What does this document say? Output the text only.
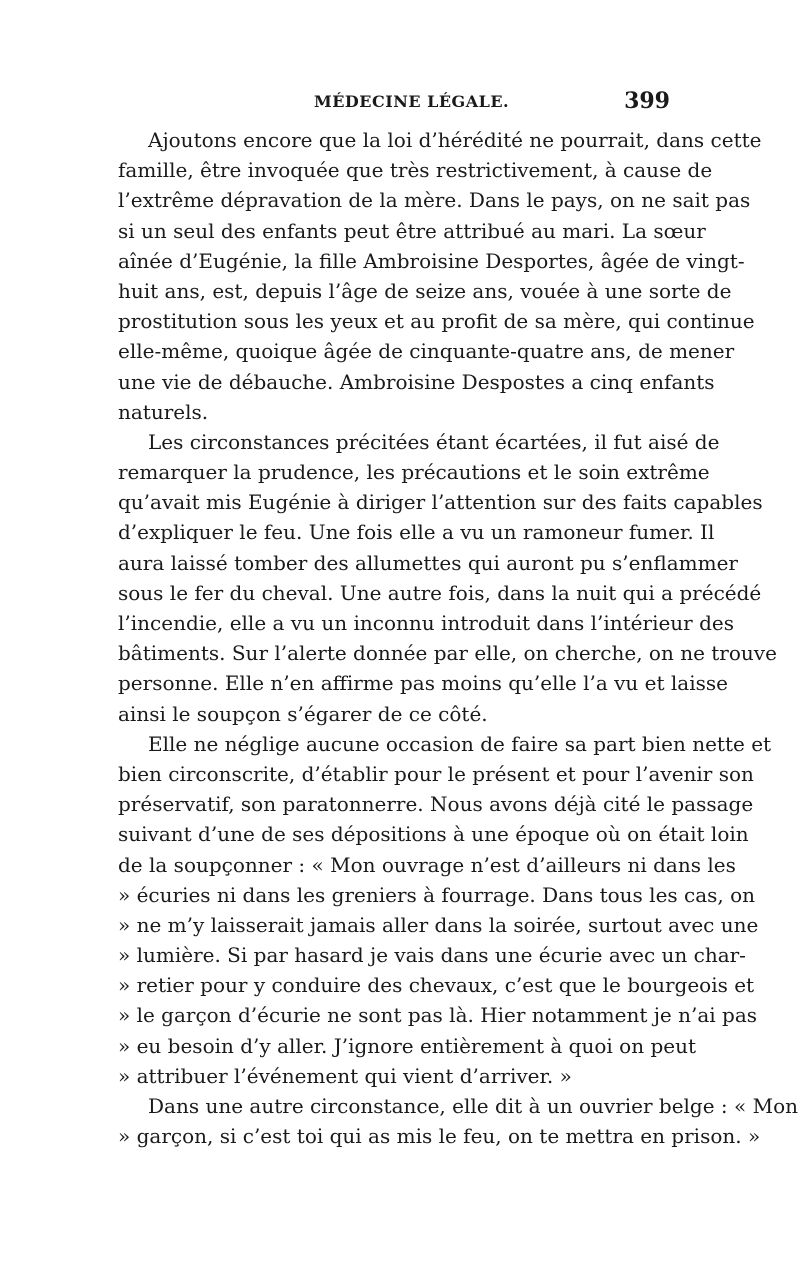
MÉDECINE LÉGALE.	399
Ajoutons encore que la loi d’hérédité ne pourrait, dans cette
famille, être invoquée que très restrictivement, à cause de
l’extrême dépravation de la mère. Dans le pays, on ne sait pas
si un seul des enfants peut être attribué au mari. La sœur
aînée d’Eugénie, la fille Ambroisine Desportes, âgée de vingt-
huit ans, est, depuis l’âge de seize ans, vouée à une sorte de
prostitution sous les yeux et au profit de sa mère, qui continue
elle-même, quoique âgée de cinquante-quatre ans, de mener
une vie de débauche. Ambroisine Despostes a cinq enfants
naturels.
Les circonstances précitées étant écartées, il fut aisé de
remarquer la prudence, les précautions et le soin extrême
qu’avait mis Eugénie à diriger l’attention sur des faits capables
d’expliquer le feu. Une fois elle a vu un ramoneur fumer. Il
aura laissé tomber des allumettes qui auront pu s’enflammer
sous le fer du cheval. Une autre fois, dans la nuit qui a précédé
l’incendie, elle a vu un inconnu introduit dans l’intérieur des
bâtiments. Sur l’alerte donnée par elle, on cherche, on ne trouve
personne. Elle n’en affirme pas moins qu’elle l’a vu et laisse
ainsi le soupçon s’égarer de ce côté.
Elle ne néglige aucune occasion de faire sa part bien nette et
bien circonscrite, d’établir pour le présent et pour l’avenir son
préservatif, son paratonnerre. Nous avons déjà cité le passage
suivant d’une de ses dépositions à une époque où on était loin
de la soupçonner : « Mon ouvrage n’est d’ailleurs ni dans les
» écuries ni dans les greniers à fourrage. Dans tous les cas, on
» ne m’y laisserait jamais aller dans la soirée, surtout avec une
» lumière. Si par hasard je vais dans une écurie avec un char-
» retier pour y conduire des chevaux, c’est que le bourgeois et
» le garçon d’écurie ne sont pas là. Hier notamment je n’ai pas
» eu besoin d’y aller. J’ignore entièrement à quoi on peut
» attribuer l’événement qui vient d’arriver. »
Dans une autre circonstance, elle dit à un ouvrier belge : « Mon
» garçon, si c’est toi qui as mis le feu, on te mettra en prison. »
